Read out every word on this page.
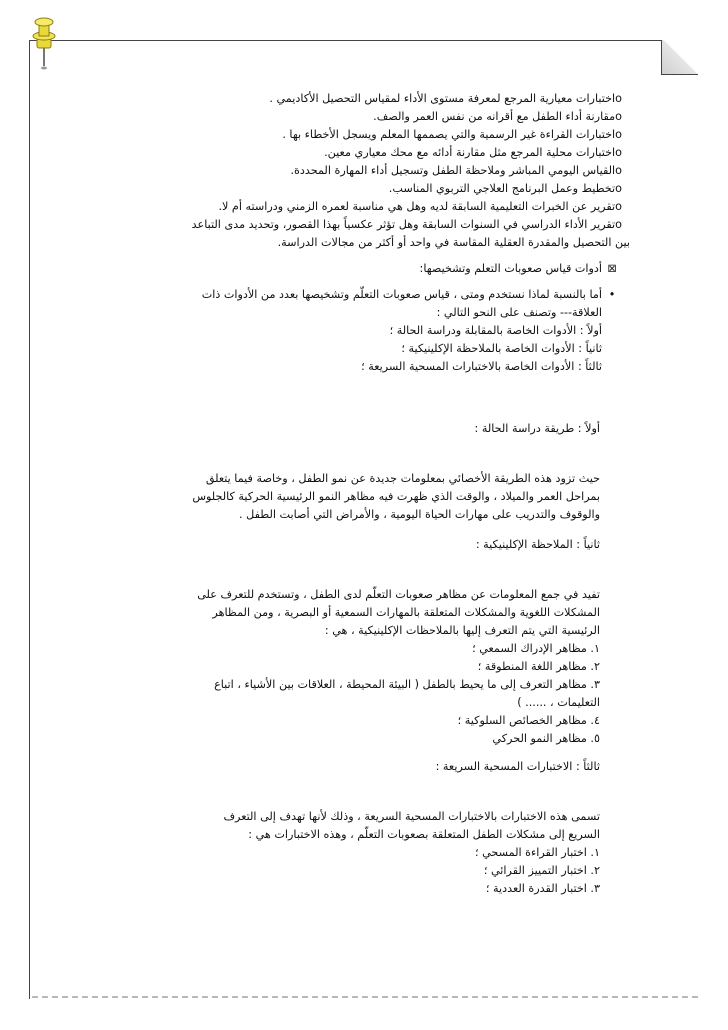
oاختبارات معيارية المرجع لمعرفة مستوى الأداء لمقياس التحصيل الأكاديمي .
oمقارنة أداء الطفل مع أقرانه من نفس العمر والصف.
oاختبارات القراءة غير الرسمية والتي يصممها المعلم ويسجل الأخطاء بها .
oاختبارات محلية المرجع مثل مقارنة أدائه مع محك معياري معين.
oالقياس اليومي المباشر وملاحظة الطفل وتسجيل أداء المهارة المحددة.
oتخطيط وعمل البرنامج العلاجي التربوي المناسب.
oتقرير عن الخبرات التعليمية السابقة لديه وهل هي مناسبة لعمره الزمني ودراسته أم لا.
oتقرير الأداء الدراسي في السنوات السابقة وهل تؤثر عكسياً بهذا القصور، وتحديد مدى التباعد
بين التحصيل والمقدرة العقلية المقاسة في واحد أو أكثر من مجالات الدراسة.
⊠
أدوات قياس صعوبات التعلم وتشخيصها:
•
أما بالنسبة لماذا نستخدم ومتى ، قياس صعوبات التعلّم وتشخيصها بعدد من الأدوات ذات
العلاقة--- وتصنف على النحو التالي :
أولاً : الأدوات الخاصة بالمقابلة ودراسة الحالة ؛
ثانياً : الأدوات الخاصة بالملاحظة الإكلينيكية ؛
ثالثاً : الأدوات الخاصة بالاختبارات المسحية السريعة ؛
أولاً : طريقة دراسة الحالة :
حيث تزود هذه الطريقة الأخصائي بمعلومات جديدة عن نمو الطفل ، وخاصة فيما يتعلق
بمراحل العمر والميلاد ، والوقت الذي ظهرت فيه مظاهر النمو الرئيسية الحركية كالجلوس
والوقوف والتدريب على مهارات الحياة اليومية ، والأمراض التي أصابت الطفل .
ثانياً : الملاحظة الإكلينيكية :
تفيد في جمع المعلومات عن مظاهر صعوبات التعلّم لدى الطفل ، وتستخدم للتعرف على
المشكلات اللغوية والمشكلات المتعلقة بالمهارات السمعية أو البصرية ، ومن المظاهر
الرئيسية التي يتم التعرف إليها بالملاحظات الإكلينيكية ، هي :
١. مظاهر الإدراك السمعي ؛
٢. مظاهر اللغة المنطوقة ؛
٣. مظاهر التعرف إلى ما يحيط بالطفل ( البيئة المحيطة ، العلاقات بين الأشياء ، اتباع
التعليمات ، ...... )
٤. مظاهر الخصائص السلوكية ؛
٥. مظاهر النمو الحركي
ثالثاً : الاختبارات المسحية السريعة :
تسمى هذه الاختبارات بالاختبارات المسحية السريعة ، وذلك لأنها تهدف إلى التعرف
السريع إلى مشكلات الطفل المتعلقة بصعوبات التعلّم ، وهذه الاختبارات هي :
١. اختبار القراءة المسحي ؛
٢. اختبار التمييز القرائي ؛
٣. اختبار القدرة العددية ؛
